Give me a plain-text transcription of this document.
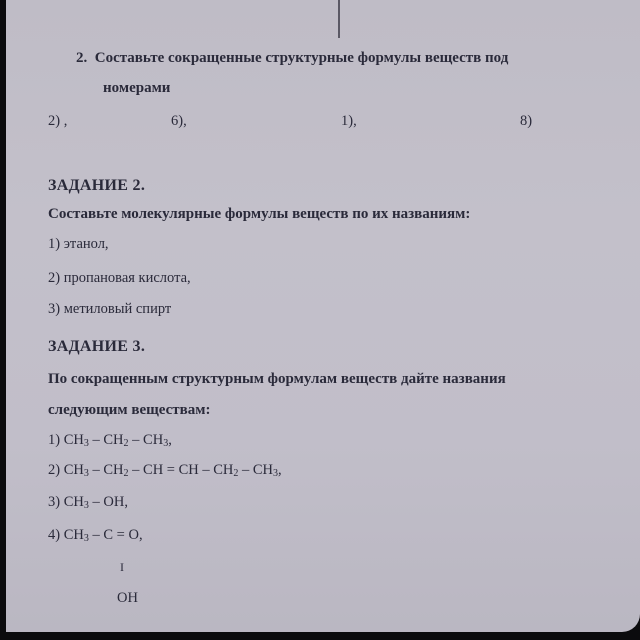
2. Составьте сокращенные структурные формулы веществ под
номерами
2) ,	6),	1),	8)
ЗАДАНИЕ 2.
Составьте молекулярные формулы веществ по их названиям:
1) этанол,
2) пропановая кислота,
3) метиловый спирт
ЗАДАНИЕ 3.
По сокращенным структурным формулам веществ дайте названия
следующим веществам:
1) $CH_3 - CH_2 - CH_3$,
2) $CH_3 - CH_2$ – CH = CH – $CH_2 - CH_3$,
3) $CH_3$ – OH,
4) $CH_3 - C = O$,
I
OH
